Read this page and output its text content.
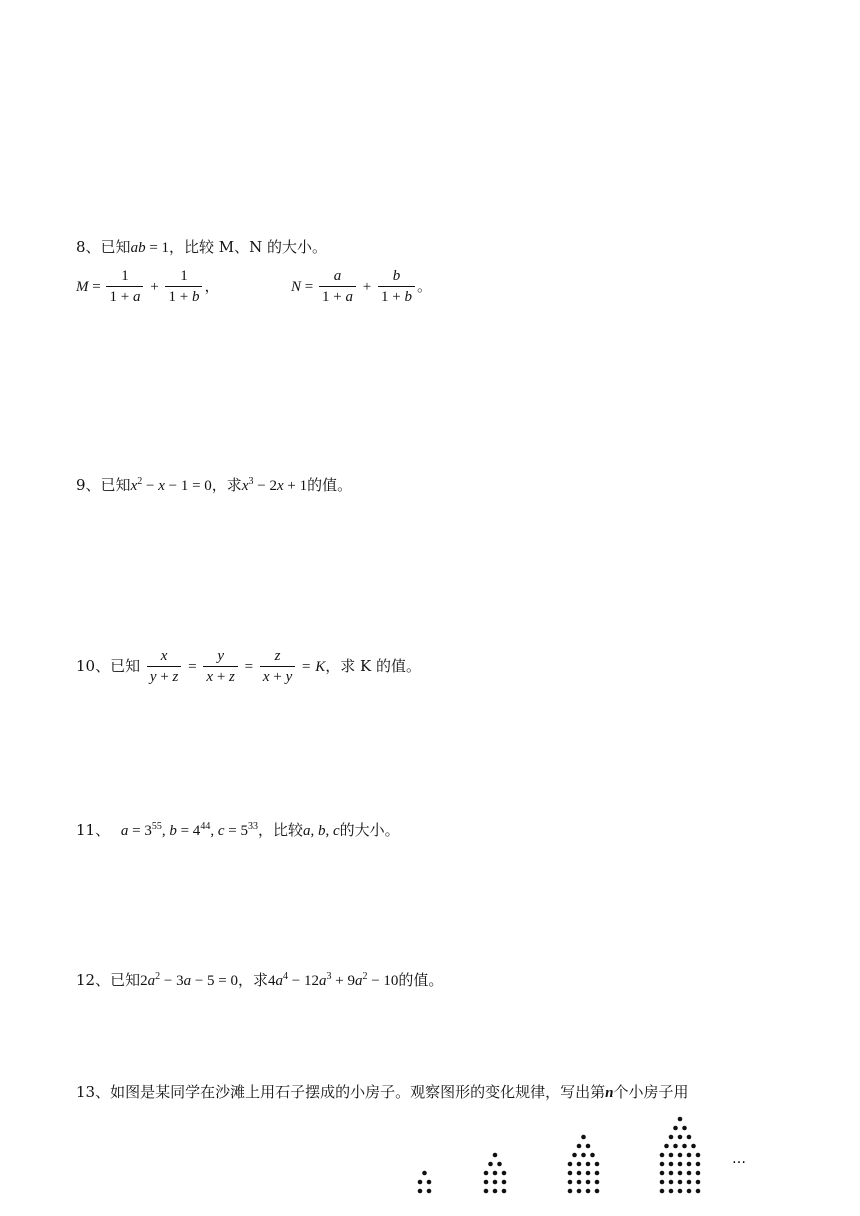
8、已知ab = 1，比较 M、N 的大小。
$M = \frac{1}{1 + a} + \frac{1}{1 + b}$ ，	$N = \frac{a}{1 + a} + \frac{b}{1 + b}$ 。
9、已知$x^2 - x - 1 = 0$，求$x^3 - 2x + 1$的值。
10、已知 $\frac{x}{y + z} = \frac{y}{x + z} = \frac{z}{x + y} = K$，求 K 的值。
11、 $a = 3^{55}$, $b = 4^{44}$, $c = 5^{33}$，比较a, b, c的大小。
12、已知$2a^2 - 3a - 5 = 0$，求$4a^4 - 12a^3 + 9a^2 - 10$的值。
13、如图是某同学在沙滩上用石子摆成的小房子。观察图形的变化规律，写出第n个小房子用
…
